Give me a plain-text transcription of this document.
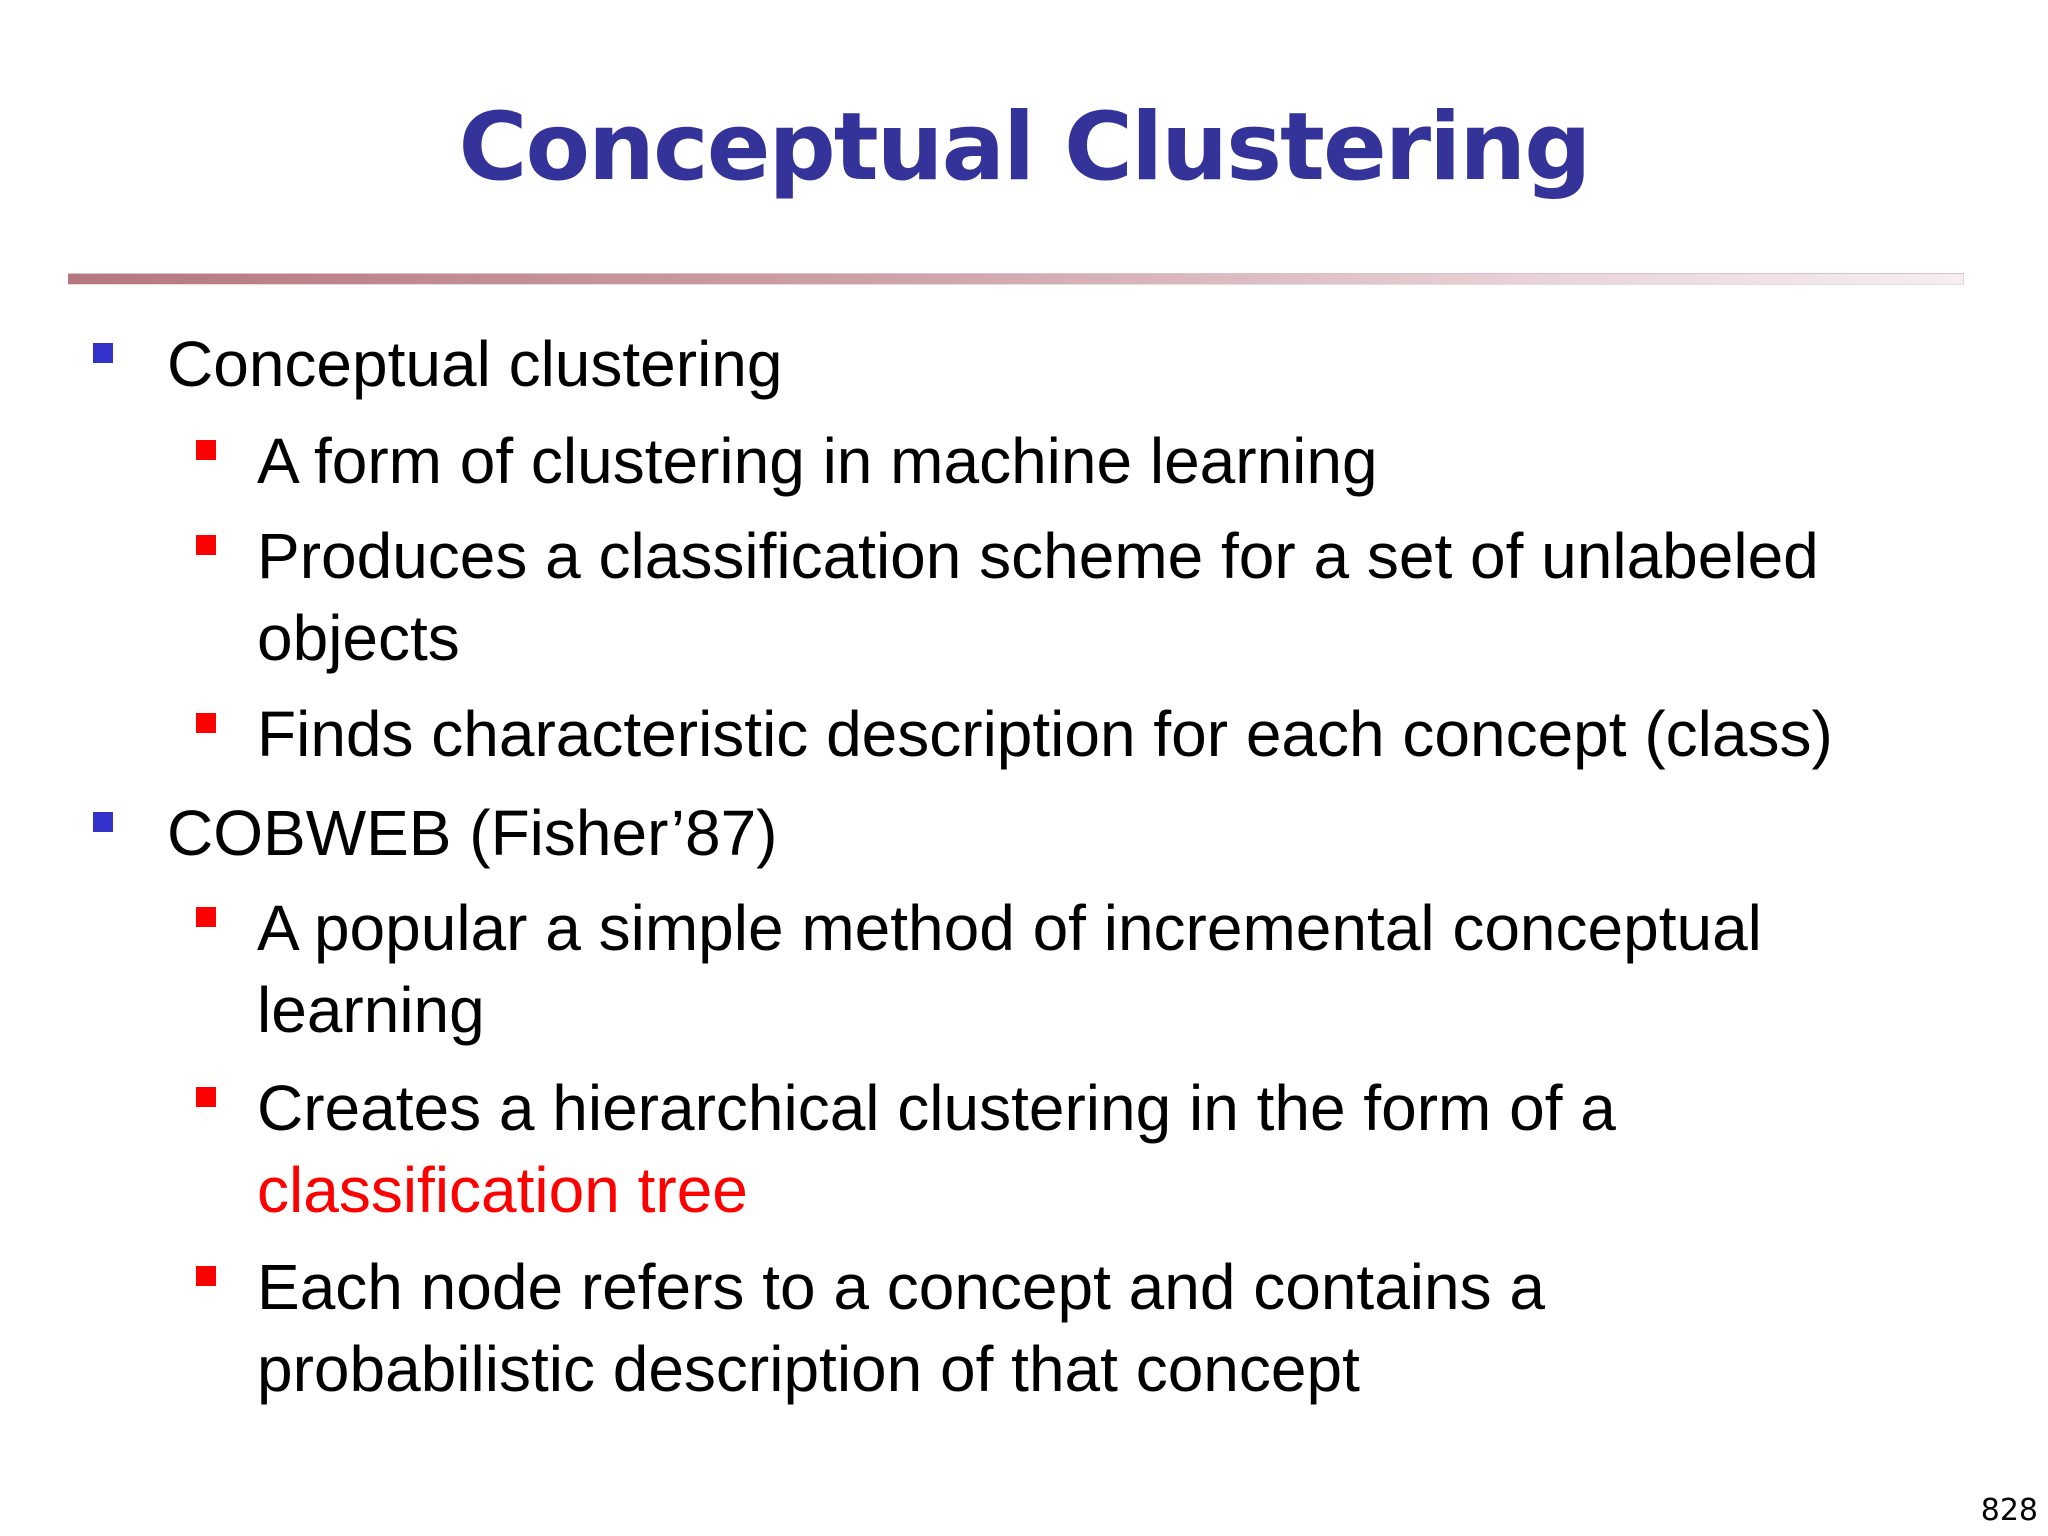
Conceptual Clustering
Conceptual clustering
A form of clustering in machine learning
Produces a classification scheme for a set of unlabeled
objects
Finds characteristic description for each concept (class)
COBWEB (Fisher’87)
A popular a simple method of incremental conceptual
learning
Creates a hierarchical clustering in the form of a
classification tree
Each node refers to a concept and contains a
probabilistic description of that concept
828
